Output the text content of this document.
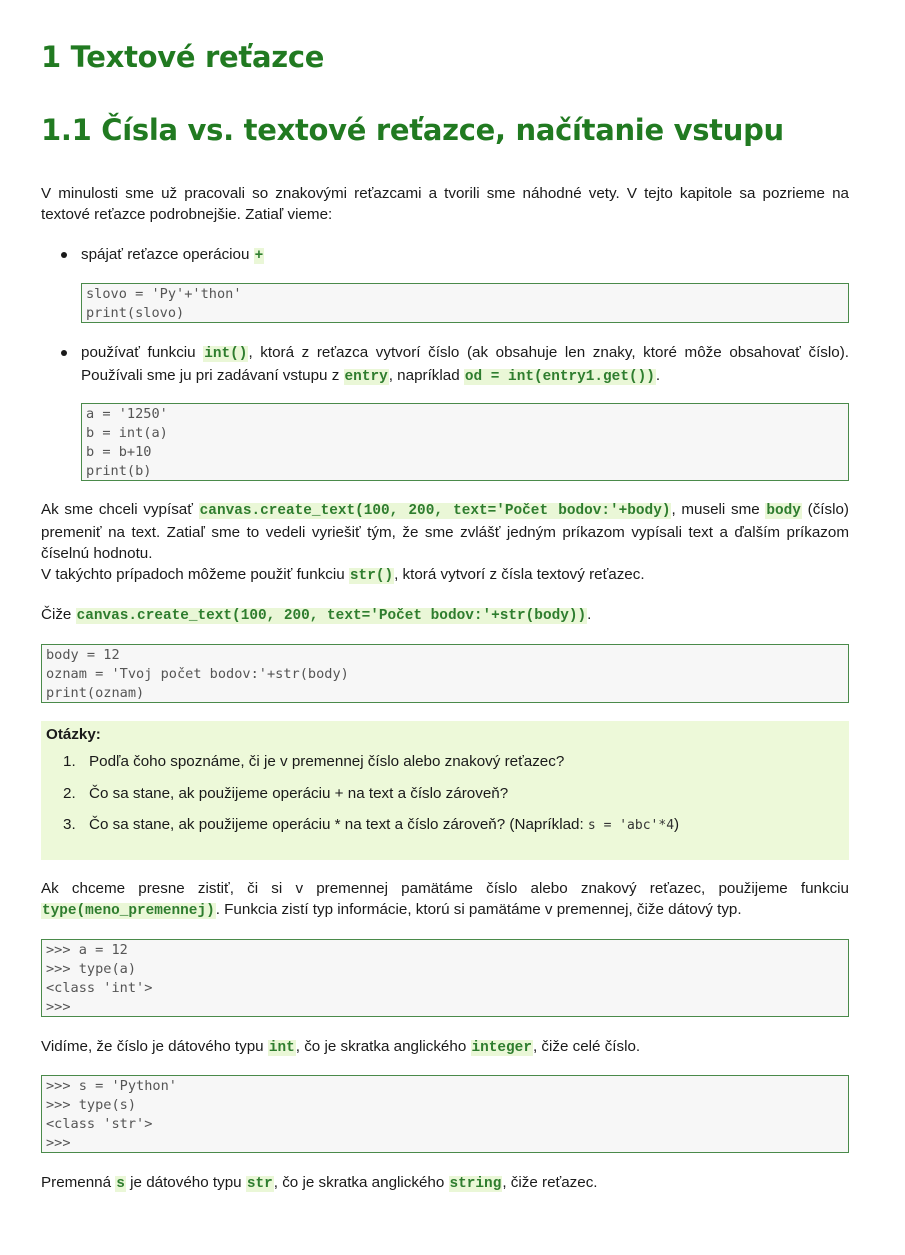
1 Textové reťazce
1.1 Čísla vs. textové reťazce, načítanie vstupu

V minulosti sme už pracovali so znakovými reťazcami a tvorili sme náhodné vety. V tejto kapitole sa pozrieme na textové reťazce podrobnejšie. Zatiaľ vieme:

spájať reťazce operáciou +

slovo = 'Py'+'thon'
print(slovo)

používať funkciu int(), ktorá z reťazca vytvorí číslo (ak obsahuje len znaky, ktoré môže obsahovať číslo). Používali sme ju pri zadávaní vstupu z entry, napríklad od = int(entry1.get()).

a = '1250'
b = int(a)
b = b+10
print(b)

Ak sme chceli vypísať canvas.create_text(100, 200, text='Počet bodov:'+body), museli sme body (číslo) premeniť na text. Zatiaľ sme to vedeli vyriešiť tým, že sme zvlášť jedným príkazom vypísali text a ďalším príkazom číselnú hodnotu.

V takýchto prípadoch môžeme použiť funkciu str(), ktorá vytvorí z čísla textový reťazec.

Čiže canvas.create_text(100, 200, text='Počet bodov:'+str(body)).

body = 12
oznam = 'Tvoj počet bodov:'+str(body)
print(oznam)
Otázky:
1. Podľa čoho spoznáme, či je v premennej číslo alebo znakový reťazec?
2. Čo sa stane, ak použijeme operáciu + na text a číslo zároveň?
3. Čo sa stane, ak použijeme operáciu * na text a číslo zároveň? (Napríklad: s = 'abc'*4)

Ak chceme presne zistiť, či si v premennej pamätáme číslo alebo znakový reťazec, použijeme funkciu type(meno_premennej). Funkcia zistí typ informácie, ktorú si pamätáme v premennej, čiže dátový typ.

>>> a = 12
>>> type(a)
<class 'int'>
>>>

Vidíme, že číslo je dátového typu int, čo je skratka anglického integer, čiže celé číslo.

>>> s = 'Python'
>>> type(s)
<class 'str'>
>>>

Premenná s je dátového typu str, čo je skratka anglického string, čiže reťazec.
